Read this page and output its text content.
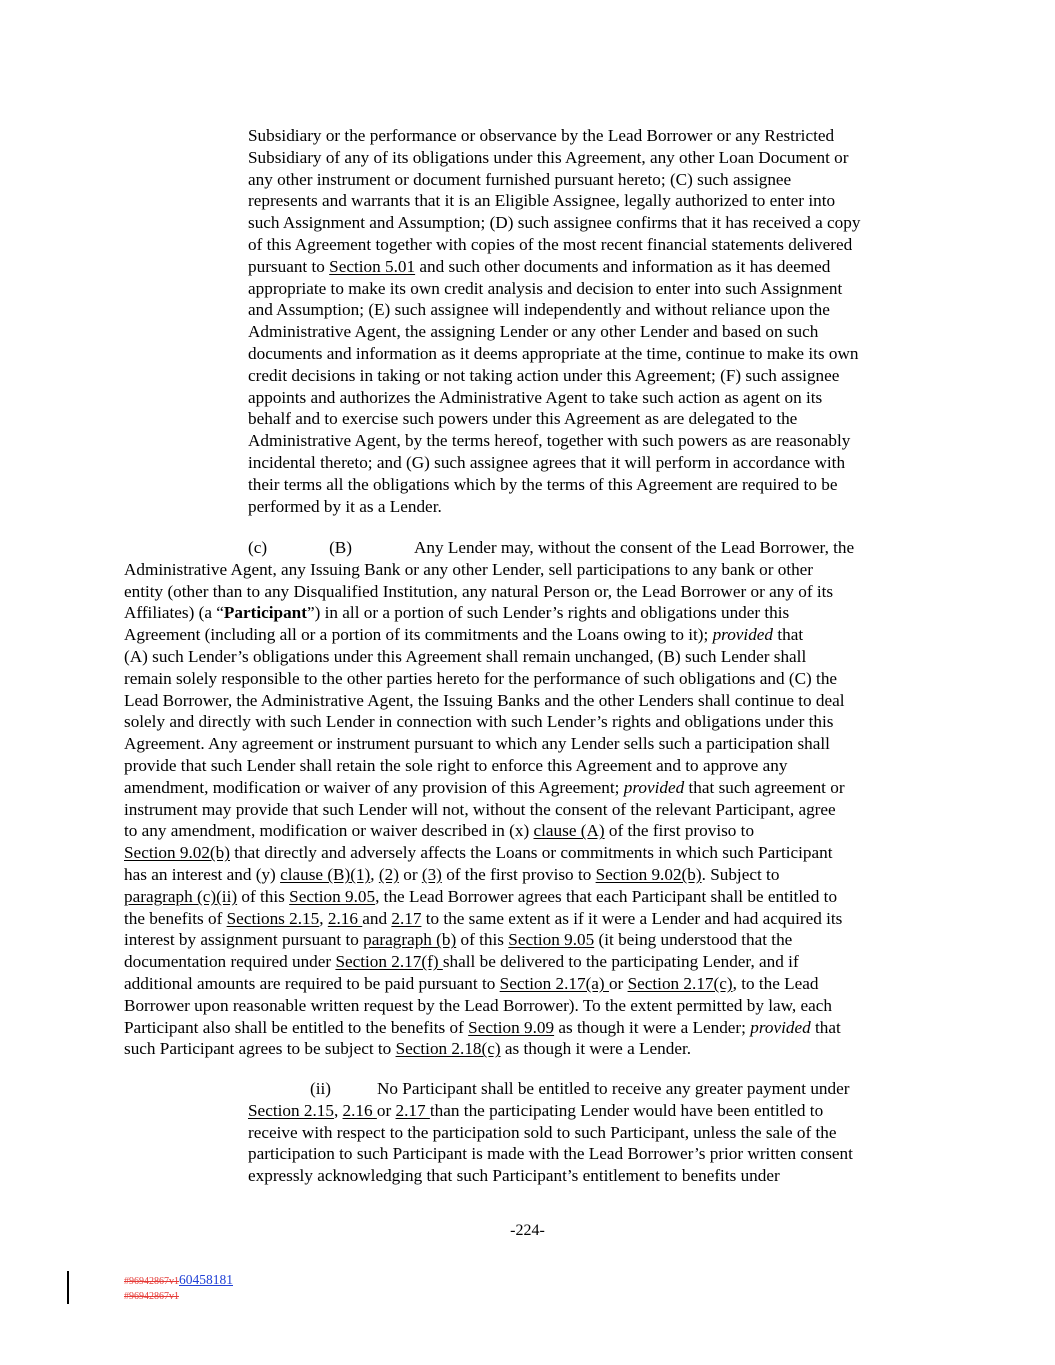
Subsidiary or the performance or observance by the Lead Borrower or any Restricted
Subsidiary of any of its obligations under this Agreement, any other Loan Document or
any other instrument or document furnished pursuant hereto; (C) such assignee
represents and warrants that it is an Eligible Assignee, legally authorized to enter into
such Assignment and Assumption; (D) such assignee confirms that it has received a copy
of this Agreement together with copies of the most recent financial statements delivered
pursuant to Section 5.01 and such other documents and information as it has deemed
appropriate to make its own credit analysis and decision to enter into such Assignment
and Assumption; (E) such assignee will independently and without reliance upon the
Administrative Agent, the assigning Lender or any other Lender and based on such
documents and information as it deems appropriate at the time, continue to make its own
credit decisions in taking or not taking action under this Agreement; (F) such assignee
appoints and authorizes the Administrative Agent to take such action as agent on its
behalf and to exercise such powers under this Agreement as are delegated to the
Administrative Agent, by the terms hereof, together with such powers as are reasonably
incidental thereto; and (G) such assignee agrees that it will perform in accordance with
their terms all the obligations which by the terms of this Agreement are required to be
performed by it as a Lender.
(c)	(B)	Any Lender may, without the consent of the Lead Borrower, the
Administrative Agent, any Issuing Bank or any other Lender, sell participations to any bank or other
entity (other than to any Disqualified Institution, any natural Person or, the Lead Borrower or any of its
Affiliates) (a “Participant”) in all or a portion of such Lender’s rights and obligations under this
Agreement (including all or a portion of its commitments and the Loans owing to it); provided that
(A) such Lender’s obligations under this Agreement shall remain unchanged, (B) such Lender shall
remain solely responsible to the other parties hereto for the performance of such obligations and (C) the
Lead Borrower, the Administrative Agent, the Issuing Banks and the other Lenders shall continue to deal
solely and directly with such Lender in connection with such Lender’s rights and obligations under this
Agreement. Any agreement or instrument pursuant to which any Lender sells such a participation shall
provide that such Lender shall retain the sole right to enforce this Agreement and to approve any
amendment, modification or waiver of any provision of this Agreement; provided that such agreement or
instrument may provide that such Lender will not, without the consent of the relevant Participant, agree
to any amendment, modification or waiver described in (x) clause (A) of the first proviso to
Section 9.02(b) that directly and adversely affects the Loans or commitments in which such Participant
has an interest and (y) clause (B)(1), (2) or (3) of the first proviso to Section 9.02(b). Subject to
paragraph (c)(ii) of this Section 9.05, the Lead Borrower agrees that each Participant shall be entitled to
the benefits of Sections 2.15, 2.16 and 2.17 to the same extent as if it were a Lender and had acquired its
interest by assignment pursuant to paragraph (b) of this Section 9.05 (it being understood that the
documentation required under Section 2.17(f) shall be delivered to the participating Lender, and if
additional amounts are required to be paid pursuant to Section 2.17(a) or Section 2.17(c), to the Lead
Borrower upon reasonable written request by the Lead Borrower). To the extent permitted by law, each
Participant also shall be entitled to the benefits of Section 9.09 as though it were a Lender; provided that
such Participant agrees to be subject to Section 2.18(c) as though it were a Lender.
(ii)	No Participant shall be entitled to receive any greater payment under
Section 2.15, 2.16 or 2.17 than the participating Lender would have been entitled to
receive with respect to the participation sold to such Participant, unless the sale of the
participation to such Participant is made with the Lead Borrower’s prior written consent
expressly acknowledging that such Participant’s entitlement to benefits under
-224-
#96942867v160458181
#96942867v1
